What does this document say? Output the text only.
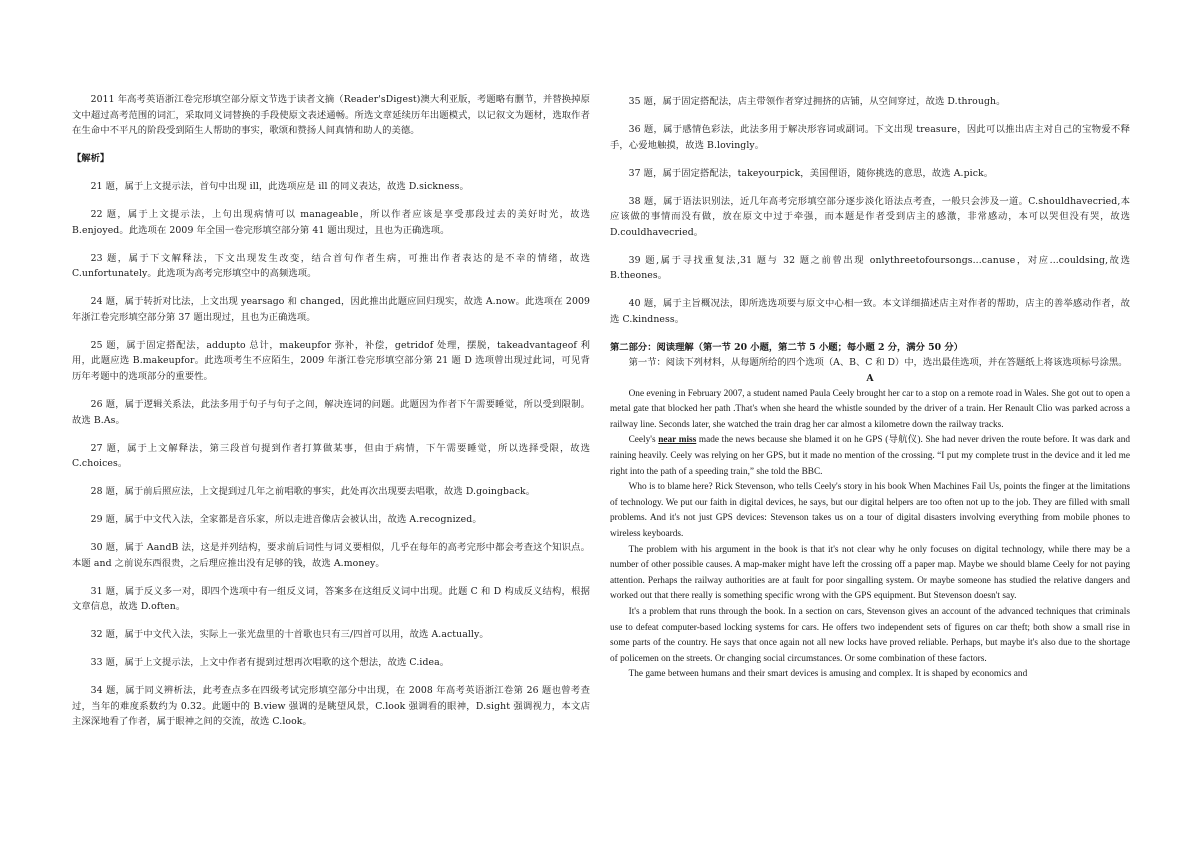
2011 年高考英语浙江卷完形填空部分原文节选于读者文摘（Reader'sDigest)澳大利亚版，考题略有删节，并替换掉原文中超过高考范围的词汇，采取同义词替换的手段使原文表述通畅。所选文章延续历年出题模式，以记叙文为题材，选取作者在生命中不平凡的阶段受到陌生人帮助的事实，歌颂和赞扬人间真情和助人的美德。

【解析】

21 题，属于上文提示法，首句中出现 ill，此选项应是 ill 的同义表达，故选 D.sickness。

22 题，属于上文提示法，上句出现病情可以 manageable，所以作者应该是享受那段过去的美好时光，故选 B.enjoyed。此选项在 2009 年全国一卷完形填空部分第 41 题出现过，且也为正确选项。

23 题，属于下文解释法，下文出现发生改变，结合首句作者生病，可推出作者表达的是不幸的情绪，故选 C.unfortunately。此选项为高考完形填空中的高频选项。

24 题，属于转折对比法，上文出现 yearsago 和 changed，因此推出此题应回归现实，故选 A.now。此选项在 2009 年浙江卷完形填空部分第 37 题出现过，且也为正确选项。

25 题，属于固定搭配法，addupto 总计，makeupfor 弥补，补偿，getridof 处理，摆脱，takeadvantageof 利用，此题应选 B.makeupfor。此选项考生不应陌生，2009 年浙江卷完形填空部分第 21 题 D 选项曾出现过此词，可见背历年考题中的选项部分的重要性。

26 题，属于逻辑关系法，此法多用于句子与句子之间，解决连词的问题。此题因为作者下午需要睡觉，所以受到限制。故选 B.As。

27 题，属于上文解释法，第三段首句提到作者打算做某事，但由于病情，下午需要睡觉，所以选择受限，故选 C.choices。

28 题，属于前后照应法，上文提到过几年之前唱歌的事实，此处再次出现要去唱歌，故选 D.goingback。

29 题，属于中文代入法，全家都是音乐家，所以走进音像店会被认出，故选 A.recognized。

30 题，属于 AandB 法，这是并列结构，要求前后词性与词义要相似，几乎在每年的高考完形中都会考查这个知识点。本题 and 之前说东西很贵，之后理应推出没有足够的钱，故选 A.money。

31 题，属于反义多一对，即四个选项中有一组反义词，答案多在这组反义词中出现。此题 C 和 D 构成反义结构，根据文章信息，故选 D.often。

32 题，属于中文代入法，实际上一张光盘里的十首歌也只有三/四首可以用，故选 A.actually。

33 题，属于上文提示法，上文中作者有提到过想再次唱歌的这个想法，故选 C.idea。

34 题，属于同义辨析法，此考查点多在四级考试完形填空部分中出现，在 2008 年高考英语浙江卷第 26 题也曾考查过，当年的难度系数约为 0.32。此题中的 B.view 强调的是眺望风景，C.look 强调看的眼神，D.sight 强调视力，本文店主深深地看了作者，属于眼神之间的交流，故选 C.look。

35 题，属于固定搭配法，店主带领作者穿过拥挤的店铺，从空间穿过，故选 D.through。

36 题，属于感情色彩法，此法多用于解决形容词或副词。下文出现 treasure，因此可以推出店主对自己的宝物爱不释手，心爱地触摸，故选 B.lovingly。

37 题，属于固定搭配法，takeyourpick，美国俚语，随你挑选的意思，故选 A.pick。

38 题，属于语法识别法，近几年高考完形填空部分逐步淡化语法点考查，一般只会涉及一道。C.shouldhavecried,本应该做的事情而没有做，放在原文中过于牵强，而本题是作者受到店主的感激，非常感动，本可以哭但没有哭，故选 D.couldhavecried。

39 题,属于寻找重复法,31 题与 32 题之前曾出现 onlythreetofoursongs...canuse，对应...couldsing,故选 B.theones。

40 题，属于主旨概况法，即所选选项要与原文中心相一致。本文详细描述店主对作者的帮助，店主的善举感动作者，故选 C.kindness。

第二部分：阅读理解（第一节 20 小题，第二节 5 小题；每小题 2 分，满分 50 分）

第一节：阅读下列材料，从每题所给的四个选项（A、B、C 和 D）中，选出最佳选项，并在答题纸上将该选项标号涂黑。

A

One evening in February 2007, a student named Paula Ceely brought her car to a stop on a remote road in Wales. She got out to open a metal gate that blocked her path .That's when she heard the whistle sounded by the driver of a train. Her Renault Clio was parked across a railway line. Seconds later, she watched the train drag her car almost a kilometre down the railway tracks.

Ceely's near miss made the news because she blamed it on he GPS (导航仪). She had never driven the route before. It was dark and raining heavily. Ceely was relying on her GPS, but it made no mention of the crossing. “I put my complete trust in the device and it led me right into the path of a speeding train,” she told the BBC.

Who is to blame here? Rick Stevenson, who tells Ceely's story in his book When Machines Fail Us, points the finger at the limitations of technology. We put our faith in digital devices, he says, but our digital helpers are too often not up to the job. They are filled with small problems. And it's not just GPS devices: Stevenson takes us on a tour of digital disasters involving everything from mobile phones to wireless keyboards.

The problem with his argument in the book is that it's not clear why he only focuses on digital technology, while there may be a number of other possible causes. A map-maker might have left the crossing off a paper map. Maybe we should blame Ceely for not paying attention. Perhaps the railway authorities are at fault for poor singalling system. Or maybe someone has studied the relative dangers and worked out that there really is something specific wrong with the GPS equipment. But Stevenson doesn't say.

It's a problem that runs through the book. In a section on cars, Stevenson gives an account of the advanced techniques that criminals use to defeat computer-based locking systems for cars. He offers two independent sets of figures on car theft; both show a small rise in some parts of the country. He says that once again not all new locks have proved reliable. Perhaps, but maybe it's also due to the shortage of policemen on the streets. Or changing social circumstances. Or some combination of these factors.

The game between humans and their smart devices is amusing and complex. It is shaped by economics and
